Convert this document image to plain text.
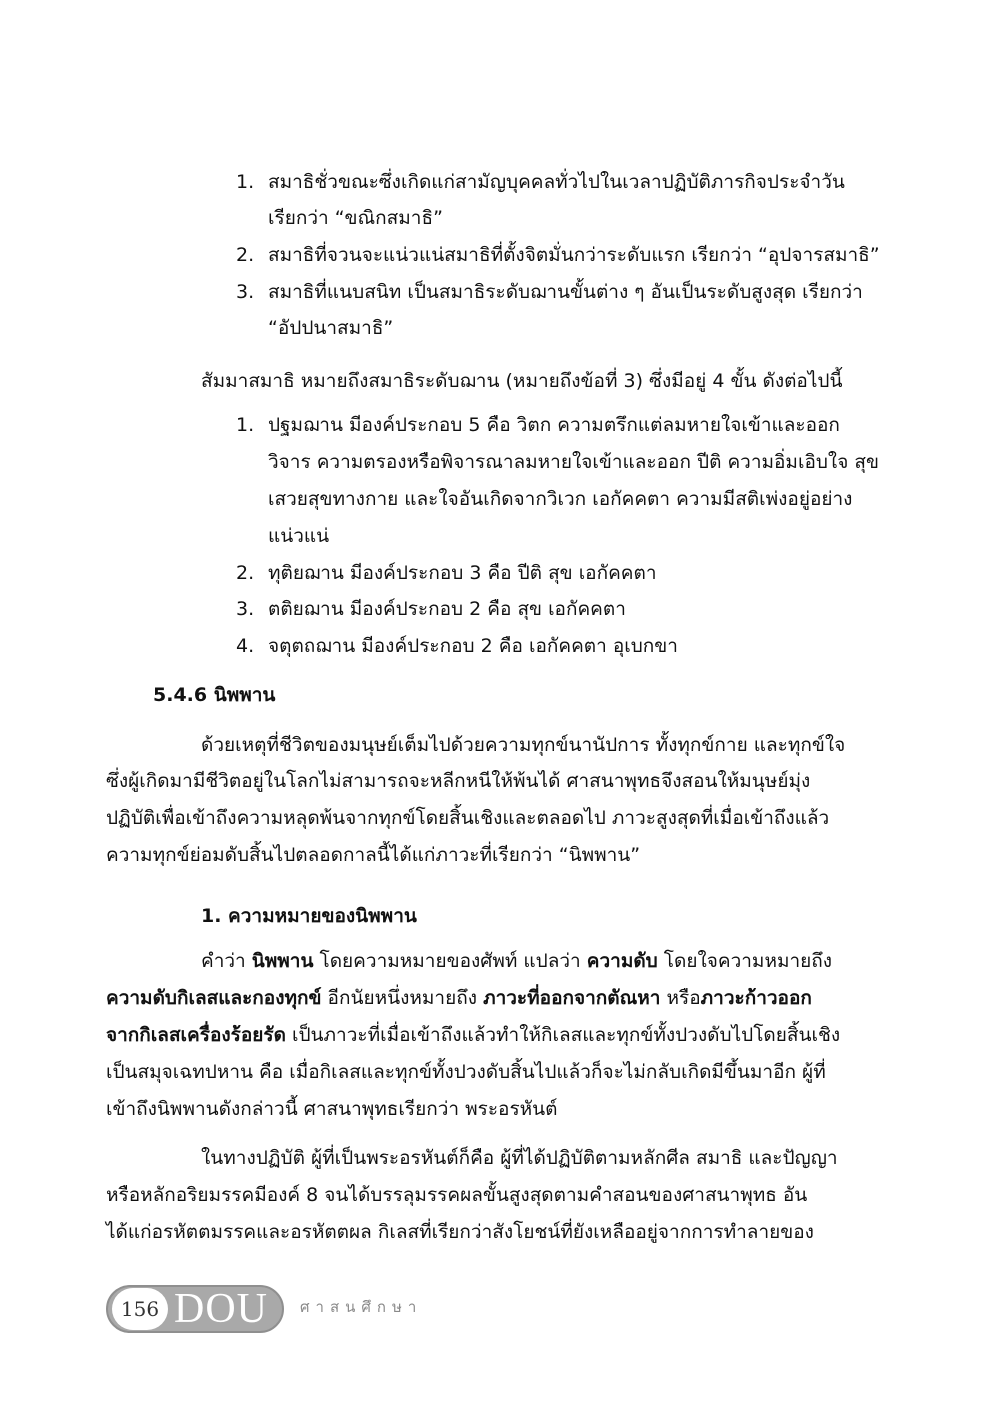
1. สมาธิชั่วขณะซึ่งเกิดแก่สามัญบุคคลทั่วไปในเวลาปฏิบัติภารกิจประจำวัน
เรียกว่า “ขณิกสมาธิ”
2. สมาธิที่จวนจะแน่วแน่สมาธิที่ตั้งจิตมั่นกว่าระดับแรก เรียกว่า “อุปจารสมาธิ”
3. สมาธิที่แนบสนิท เป็นสมาธิระดับฌานขั้นต่าง ๆ อันเป็นระดับสูงสุด เรียกว่า
“อัปปนาสมาธิ”
สัมมาสมาธิ หมายถึงสมาธิระดับฌาน (หมายถึงข้อที่ 3) ซึ่งมีอยู่ 4 ขั้น ดังต่อไปนี้
1. ปฐมฌาน มีองค์ประกอบ 5 คือ วิตก ความตรึกแต่ลมหายใจเข้าและออก
วิจาร ความตรองหรือพิจารณาลมหายใจเข้าและออก ปีติ ความอิ่มเอิบใจ สุข
เสวยสุขทางกาย และใจอันเกิดจากวิเวก เอกัคคตา ความมีสติเพ่งอยู่อย่าง
แน่วแน่
2. ทุติยฌาน มีองค์ประกอบ 3 คือ ปีติ สุข เอกัคคตา
3. ตติยฌาน มีองค์ประกอบ 2 คือ สุข เอกัคคตา
4. จตุตถฌาน มีองค์ประกอบ 2 คือ เอกัคคตา อุเบกขา
5.4.6 นิพพาน
ด้วยเหตุที่ชีวิตของมนุษย์เต็มไปด้วยความทุกข์นานัปการ ทั้งทุกข์กาย และทุกข์ใจ
ซึ่งผู้เกิดมามีชีวิตอยู่ในโลกไม่สามารถจะหลีกหนีให้พ้นได้ ศาสนาพุทธจึงสอนให้มนุษย์มุ่ง
ปฏิบัติเพื่อเข้าถึงความหลุดพ้นจากทุกข์โดยสิ้นเชิงและตลอดไป ภาวะสูงสุดที่เมื่อเข้าถึงแล้ว
ความทุกข์ย่อมดับสิ้นไปตลอดกาลนี้ได้แก่ภาวะที่เรียกว่า “นิพพาน”
1. ความหมายของนิพพาน
คำว่า นิพพาน โดยความหมายของศัพท์ แปลว่า ความดับ โดยใจความหมายถึง
ความดับกิเลสและกองทุกข์ อีกนัยหนึ่งหมายถึง ภาวะที่ออกจากตัณหา หรือภาวะก้าวออก
จากกิเลสเครื่องร้อยรัด เป็นภาวะที่เมื่อเข้าถึงแล้วทำให้กิเลสและทุกข์ทั้งปวงดับไปโดยสิ้นเชิง
เป็นสมุจเฉทปหาน คือ เมื่อกิเลสและทุกข์ทั้งปวงดับสิ้นไปแล้วก็จะไม่กลับเกิดมีขึ้นมาอีก ผู้ที่
เข้าถึงนิพพานดังกล่าวนี้ ศาสนาพุทธเรียกว่า พระอรหันต์
ในทางปฏิบัติ ผู้ที่เป็นพระอรหันต์ก็คือ ผู้ที่ได้ปฏิบัติตามหลักศีล สมาธิ และปัญญา
หรือหลักอริยมรรคมีองค์ 8 จนได้บรรลุมรรคผลขั้นสูงสุดตามคำสอนของศาสนาพุทธ อัน
ได้แก่อรหัตตมรรคและอรหัตตผล กิเลสที่เรียกว่าสังโยชน์ที่ยังเหลืออยู่จากการทำลายของ
156 DOU	ศาสนศึกษา
